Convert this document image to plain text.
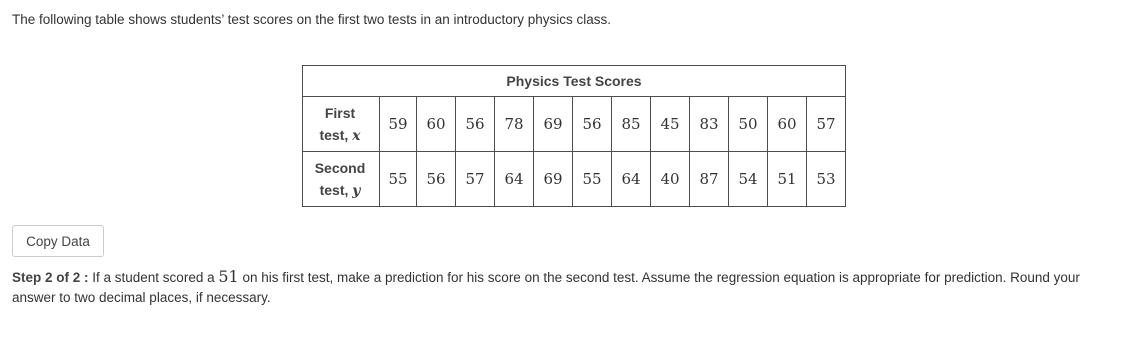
The following table shows students’ test scores on the first two tests in an introductory physics class.
Physics Test Scores												
First
test, x	59	60	56	78	69	56	85	45	83	50	60	57
Second
test, y	55	56	57	64	69	55	64	40	87	54	51	53
Copy Data
Step 2 of 2 : If a student scored a 51 on his first test, make a prediction for his score on the second test. Assume the regression equation is appropriate for prediction. Round your answer to two decimal places, if necessary.
